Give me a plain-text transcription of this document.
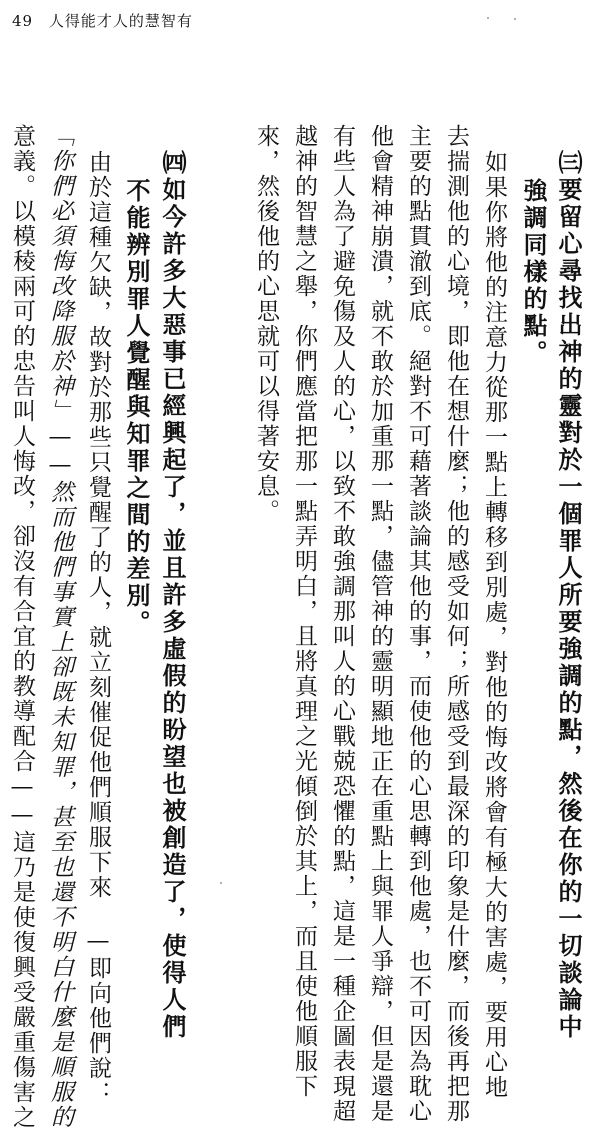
49 人得能才人的慧智有
㈢要留心尋找出神的靈對於一個罪人所要強調的點，然後在你的一切談論中
強調同樣的點。
如果你將他的注意力從那一點上轉移到別處，對他的悔改將會有極大的害處，要用心地
去揣測他的心境，即他在想什麼；他的感受如何；所感受到最深的印象是什麼，而後再把那
主要的點貫澈到底。絕對不可藉著談論其他的事，而使他的心思轉到他處，也不可因為耽心
他會精神崩潰，就不敢於加重那一點，儘管神的靈明顯地正在重點上與罪人爭辯，但是還是
有些人為了避免傷及人的心，以致不敢強調那叫人的心戰兢恐懼的點，這是一種企圖表現超
越神的智慧之舉，你們應當把那一點弄明白，且將真理之光傾倒於其上，而且使他順服下
來，然後他的心思就可以得著安息。
㈣如今許多大惡事已經興起了，並且許多虛假的盼望也被創造了，使得人們
不能辨別罪人覺醒與知罪之間的差別。
由於這種欠缺，故對於那些只覺醒了的人，就立刻催促他們順服下來 —即向他們說：
「你們必須悔改降服於神」——然而他們事實上卻既未知罪，甚至也還不明白什麼是順服的
意義。以模稜兩可的忠告叫人悔改，卻沒有合宜的教導配合——這乃是使復興受嚴重傷害之
